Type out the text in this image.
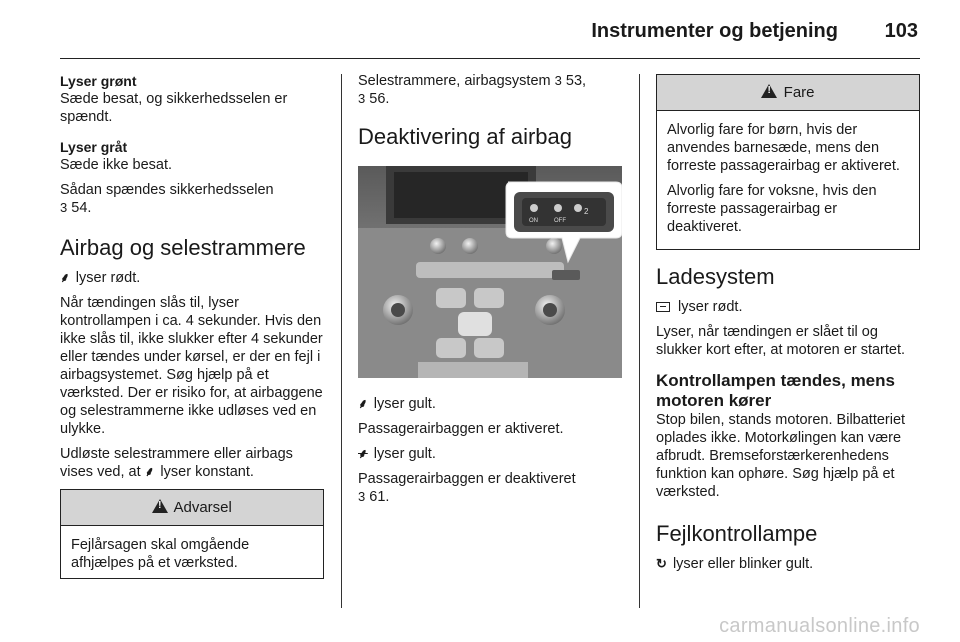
Instrumenter og betjening 103
Lyser grønt

Sæde besat, og sikkerhedsselen er spændt.

Lyser gråt

Sæde ikke besat.

Sådan spændes sikkerhedsselen
3 54.

Airbag og selestrammere

⸙ lyser rødt.

Når tændingen slås til, lyser kontrollampen i ca. 4 sekunder. Hvis den ikke slås til, ikke slukker efter 4 sekunder eller tændes under kørsel, er der en fejl i airbagsystemet. Søg hjælp på et værksted. Der er risiko for, at airbaggene og selestrammerne ikke udløses ved en ulykke.

Udløste selestrammere eller airbags vises ved, at ⸙ lyser konstant.

! Advarsel
Fejlårsagen skal omgående afhjælpes på et værksted.

Selestrammere, airbagsystem 3 53,
3 56.

Deaktivering af airbag
ON	OFF
2

⸙ lyser gult.

Passagerairbaggen er aktiveret.

⸙ lyser gult.

Passagerairbaggen er deaktiveret
3 61.

! Fare

Alvorlig fare for børn, hvis der anvendes barnesæde, mens den forreste passagerairbag er aktiveret.

Alvorlig fare for voksne, hvis den forreste passagerairbag er deaktiveret.

Ladesystem

lyser rødt.

Lyser, når tændingen er slået til og slukker kort efter, at motoren er startet.

Kontrollampen tændes, mens motoren kører

Stop bilen, stands motoren. Bilbatteriet oplades ikke. Motorkølingen kan være afbrudt. Bremseforstærkerenhedens funktion kan ophøre. Søg hjælp på et værksted.

Fejlkontrollampe

↻ lyser eller blinker gult.

carmanualsonline.info
